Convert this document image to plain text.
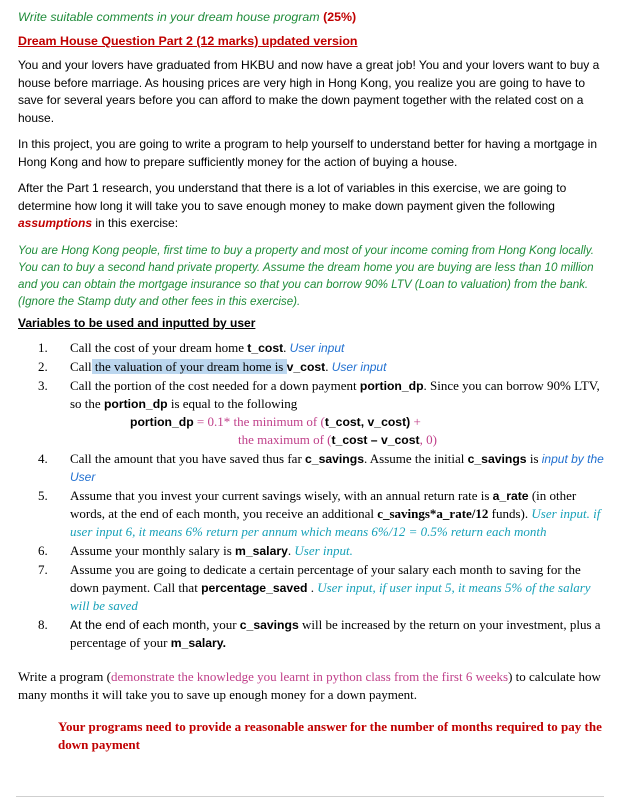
Write suitable comments in your dream house program (25%)
Dream House Question Part 2 (12 marks) updated version

You and your lovers have graduated from HKBU and now have a great job! You and your lovers want to buy a house before marriage. As housing prices are very high in Hong Kong, you realize you are going to have to save for several years before you can afford to make the down payment together with the related cost on a house.

In this project, you are going to write a program to help yourself to understand better for having a mortgage in Hong Kong and how to prepare sufficiently money for the action of buying a house.

After the Part 1 research, you understand that there is a lot of variables in this exercise, we are going to determine how long it will take you to save enough money to make down payment given the following assumptions in this exercise:

You are Hong Kong people, first time to buy a property and most of your income coming from Hong Kong locally. You can to buy a second hand private property. Assume the dream home you are buying are less than 10 million and you can obtain the mortgage insurance so that you can borrow 90% LTV (Loan to valuation) from the bank. (Ignore the Stamp duty and other fees in this exercise).

Variables to be used and inputted by user
1.	Call the cost of your dream home t_cost. User input
2.	Call the valuation of your dream home is v_cost. User input
3.	Call the portion of the cost needed for a down payment portion_dp. Since you can borrow 90% LTV, so the portion_dp is equal to the following
portion_dp = 0.1* the minimum of (t_cost, v_cost) +
the maximum of (t_cost – v_cost, 0)
4.	Call the amount that you have saved thus far c_savings. Assume the initial c_savings is input by the User
5.	Assume that you invest your current savings wisely, with an annual return rate is a_rate (in other words, at the end of each month, you receive an additional c_savings*a_rate/12 funds). User input. if user input 6, it means 6% return per annum which means 6%/12 = 0.5% return each month
6.	Assume your monthly salary is m_salary. User input.
7.	Assume you are going to dedicate a certain percentage of your salary each month to saving for the down payment. Call that percentage_saved . User input, if user input 5, it means 5% of the salary will be saved
8.	At the end of each month, your c_savings will be increased by the return on your investment, plus a percentage of your m_salary.

Write a program (demonstrate the knowledge you learnt in python class from the first 6 weeks) to calculate how many months it will take you to save up enough money for a down payment.

Your programs need to provide a reasonable answer for the number of months required to pay the down payment
